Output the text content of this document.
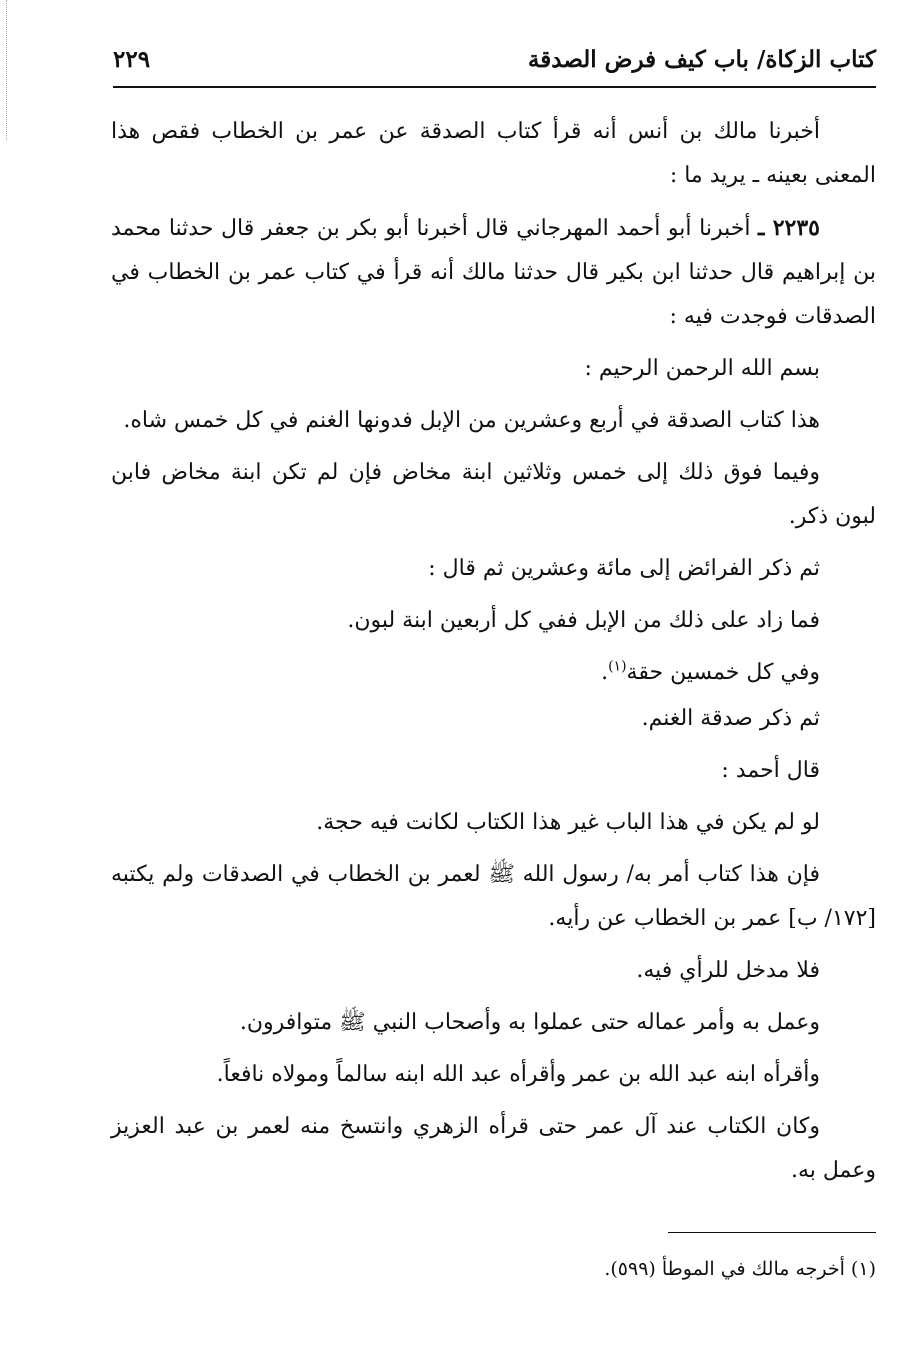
كتاب الزكاة/ باب كيف فرض الصدقة
٢٢٩

أخبرنا مالك بن أنس أنه قرأ كتاب الصدقة عن عمر بن الخطاب فقص هذا المعنى بعينه ـ يريد ما :

٢٢٣٥ ـ أخبرنا أبو أحمد المهرجاني قال أخبرنا أبو بكر بن جعفر قال حدثنا محمد بن إبراهيم قال حدثنا ابن بكير قال حدثنا مالك أنه قرأ في كتاب عمر بن الخطاب في الصدقات فوجدت فيه :

بسم الله الرحمن الرحيم :

هذا كتاب الصدقة في أربع وعشرين من الإبل فدونها الغنم في كل خمس شاه.

وفيما فوق ذلك إلى خمس وثلاثين ابنة مخاض فإن لم تكن ابنة مخاض فابن لبون ذكر.

ثم ذكر الفرائض إلى مائة وعشرين ثم قال :

فما زاد على ذلك من الإبل ففي كل أربعين ابنة لبون.

وفي كل خمسين حقة$^{(١)}$.

ثم ذكر صدقة الغنم.

قال أحمد :

لو لم يكن في هذا الباب غير هذا الكتاب لكانت فيه حجة.

فإن هذا كتاب أمر به/ رسول الله ﷺ لعمر بن الخطاب في الصدقات ولم يكتبه [١٧٢/ ب] عمر بن الخطاب عن رأيه.

فلا مدخل للرأي فيه.

وعمل به وأمر عماله حتى عملوا به وأصحاب النبي ﷺ متوافرون.

وأقرأه ابنه عبد الله بن عمر وأقرأه عبد الله ابنه سالماً ومولاه نافعاً.

وكان الكتاب عند آل عمر حتى قرأه الزهري وانتسخ منه لعمر بن عبد العزيز وعمل به.

(١) أخرجه مالك في الموطأ (٥٩٩).
